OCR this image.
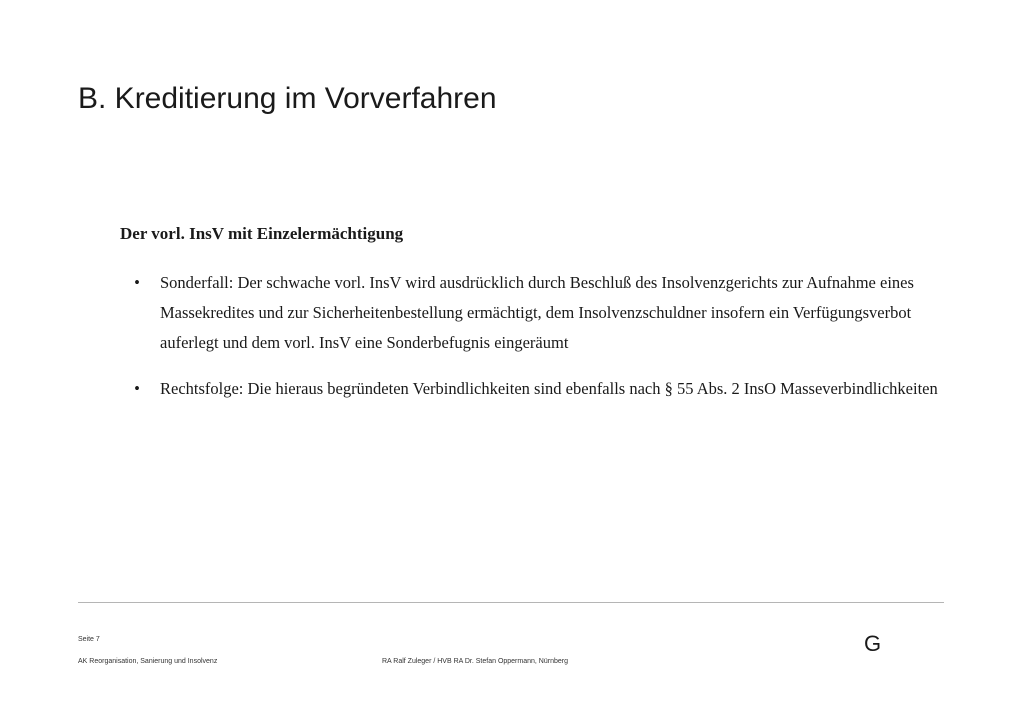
B. Kreditierung im Vorverfahren
Der vorl. InsV mit Einzelermächtigung
• Sonderfall: Der schwache vorl. InsV wird ausdrücklich durch Beschluß des Insolvenzgerichts zur Aufnahme eines Massekredites und zur Sicherheitenbestellung ermächtigt, dem Insolvenzschuldner insofern ein Verfügungsverbot auferlegt und dem vorl. InsV eine Sonderbefugnis eingeräumt
• Rechtsfolge: Die hieraus begründeten Verbindlichkeiten sind ebenfalls nach § 55 Abs. 2 InsO Masseverbindlichkeiten
Seite 7	G
AK Reorganisation, Sanierung und Insolvenz	RA Ralf Zuleger / HVB RA Dr. Stefan Oppermann, Nürnberg
